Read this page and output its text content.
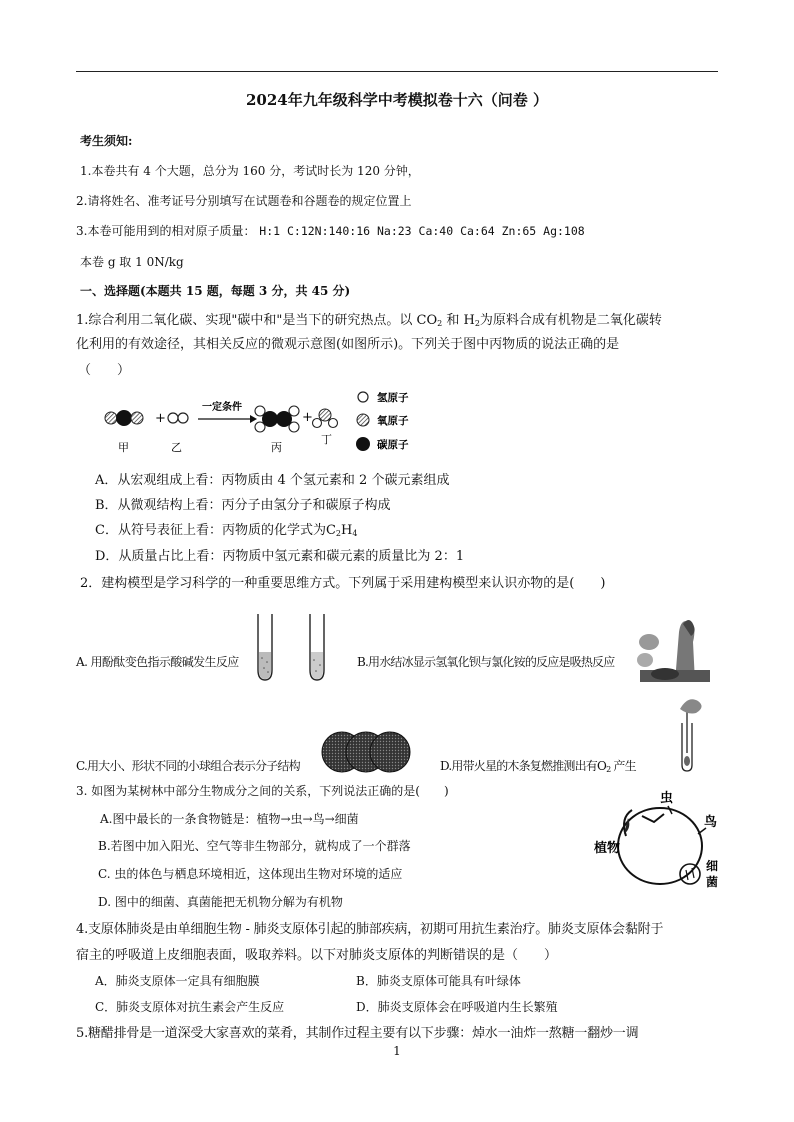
2024年九年级科学中考模拟卷十六（问卷 ）
考生须知:
1.本卷共有 4 个大题，总分为 160 分，考试时长为 120 分钟，
2.请将姓名、准考证号分别填写在试题卷和谷题卷的规定位置上
3.本卷可能用到的相对原子质量： H:1 C:12N:140:16 Na:23 Ca:40 Ca:64 Zn:65 Ag:108
本卷 g 取 1 0N/kg
一、选择题(本题共 15 题，每题 3 分，共 45 分)
1.综合利用二氧化碳、实现"碳中和"是当下的研究热点。以 $CO_2$ 和 $H_2$为原料合成有机物是二氧化碳转
化利用的有效途径，其相关反应的微观示意图(如图所示)。下列关于图中丙物质的说法正确的是
（　　）
+
一定条件
+
甲	乙	丙
丁
氢原子
氧原子
碳原子
A．从宏观组成上看：丙物质由 4 个氢元素和 2 个碳元素组成
B．从微观结构上看：丙分子由氢分子和碳原子构成
C．从符号表征上看：丙物质的化学式为$C_2H_4$
D．从质量占比上看：丙物质中氢元素和碳元素的质量比为 2：1
2．建构模型是学习科学的一种重要思维方式。下列属于采用建构模型来认识亦物的是(　　)
A. 用酚酞变色指示酸碱发生反应	B.用水结冰显示氢氧化钡与氯化铵的反应是吸热反应
C.用大小、形状不同的小球组合表示分子结构	D.用带火星的木条复燃推测出有$O_2$ 产生
3. 如图为某树林中部分生物成分之间的关系，下列说法正确的是(　　)
A.图中最长的一条食物链是：植物→虫→鸟→细菌
B.若图中加入阳光、空气等非生物部分，就构成了一个群落
C. 虫的体色与栖息环境相近，这体现出生物对环境的适应
D. 图中的细菌、真菌能把无机物分解为有机物
虫
鸟
植物
细
菌
4.支原体肺炎是由单细胞生物 - 肺炎支原体引起的肺部疾病，初期可用抗生素治疗。肺炎支原体会黏附于
宿主的呼吸道上皮细胞表面，吸取养料。以下对肺炎支原体的判断错误的是（　　）
A．肺炎支原体一定具有细胞膜	B．肺炎支原体可能具有叶绿体
C．肺炎支原体对抗生素会产生反应	D．肺炎支原体会在呼吸道内生长繁殖
5.糖醋排骨是一道深受大家喜欢的菜肴，其制作过程主要有以下步骤：焯水一油炸一熬糖一翻炒一调
1
